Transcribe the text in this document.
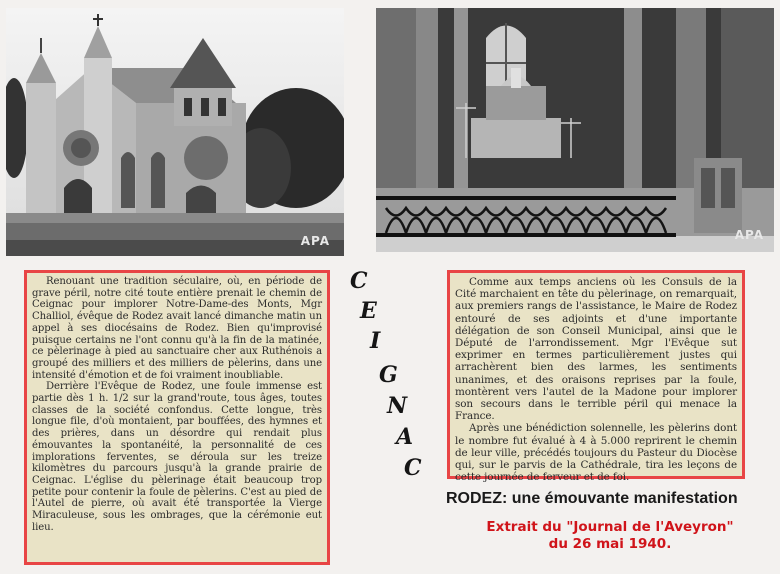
APA	APA

Renouant une tradition séculaire, où, en période de grave péril, notre cité toute entière prenait le chemin de Ceignac pour implorer Notre-Dame-des Monts, Mgr Challiol, évêque de Rodez avait lancé dimanche matin un appel à ses diocésains de Rodez. Bien qu'improvisé puisque certains ne l'ont connu qu'à la fin de la matinée, ce pèlerinage à pied au sanctuaire cher aux Ruthénois a groupé des milliers et des milliers de pèlerins, dans une intensité d'émotion et de foi vraiment inoubliable.

Derrière l'Evêque de Rodez, une foule immense est partie dès 1 h. 1/2 sur la grand'route, tous âges, toutes classes de la société confondus. Cette longue, très longue file, d'où montaient, par bouffées, des hymnes et des prières, dans un désordre qui rendait plus émouvantes la spontanéité, la personnalité de ces implorations ferventes, se déroula sur les treize kilomètres du parcours jusqu'à la grande prairie de Ceignac. L'église du pèlerinage était beaucoup trop petite pour contenir la foule de pèlerins. C'est au pied de l'Autel de pierre, où avait été transportée la Vierge Miraculeuse, sous les ombrages, que la cérémonie eut lieu.

C
E
I
G
N
A
C

Comme aux temps anciens où les Consuls de la Cité marchaient en tête du pèlerinage, on remarquait, aux premiers rangs de l'assistance, le Maire de Rodez entouré de ses adjoints et d'une importante délégation de son Conseil Municipal, ainsi que le Député de l'arrondissement. Mgr l'Evêque sut exprimer en termes particulièrement justes qui arrachèrent bien des larmes, les sentiments unanimes, et des oraisons reprises par la foule, montèrent vers l'autel de la Madone pour implorer son secours dans le terrible péril qui menace la France.

Après une bénédiction solennelle, les pèlerins dont le nombre fut évalué à 4 à 5.000 reprirent le chemin de leur ville, précédés toujours du Pasteur du Diocèse qui, sur le parvis de la Cathédrale, tira les leçons de cette journée de ferveur et de foi.

RODEZ: une émouvante manifestation
Extrait du "Journal de l'Aveyron"
du 26 mai 1940.
